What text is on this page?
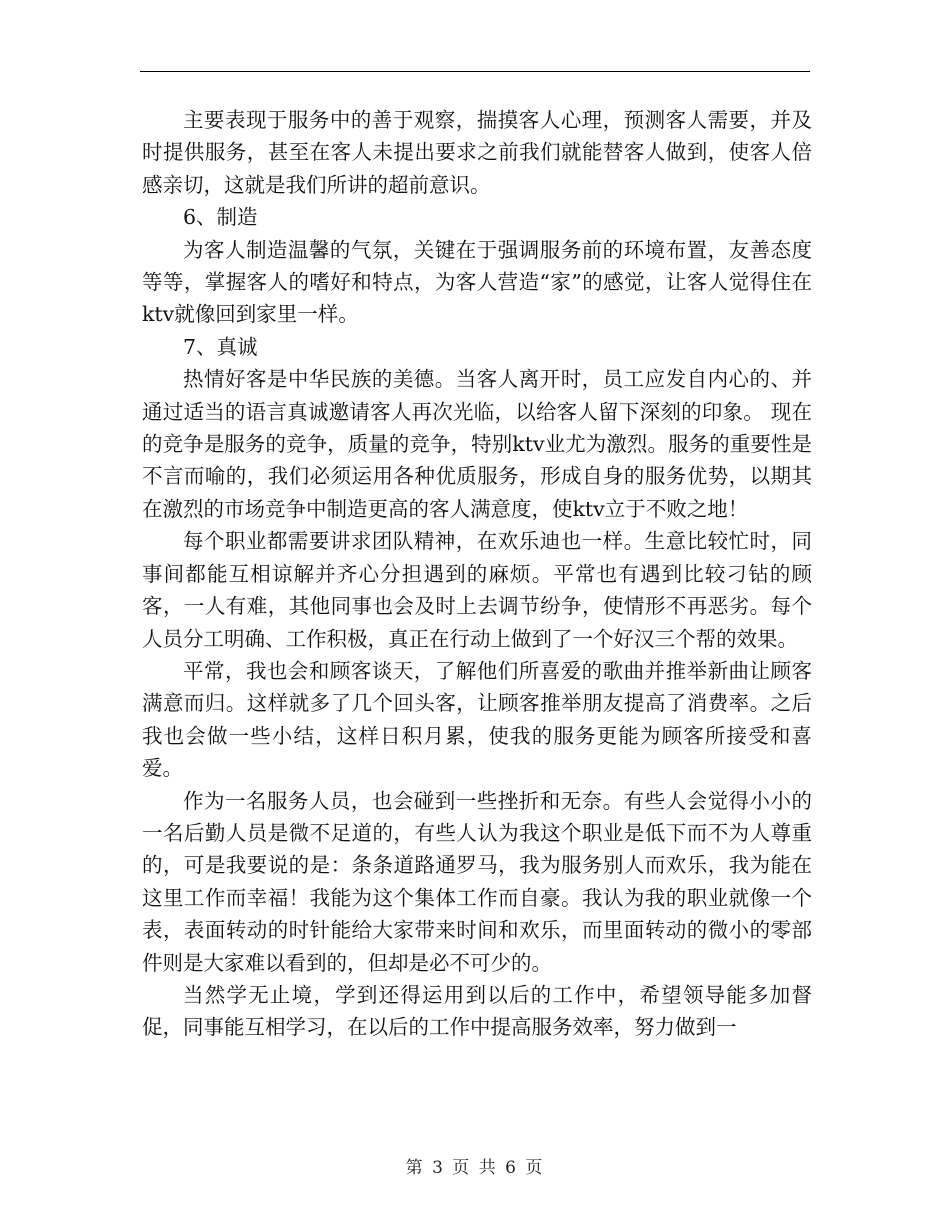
主要表现于服务中的善于观察，揣摸客人心理，预测客人需要，并及时提供服务，甚至在客人未提出要求之前我们就能替客人做到，使客人倍感亲切，这就是我们所讲的超前意识。

6、制造

为客人制造温馨的气氛，关键在于强调服务前的环境布置，友善态度等等，掌握客人的嗜好和特点，为客人营造“家”的感觉，让客人觉得住在ktv就像回到家里一样。

7、真诚

热情好客是中华民族的美德。当客人离开时，员工应发自内心的、并通过适当的语言真诚邀请客人再次光临，以给客人留下深刻的印象。 现在的竞争是服务的竞争，质量的竞争，特别ktv业尤为激烈。服务的重要性是不言而喻的，我们必须运用各种优质服务，形成自身的服务优势，以期其在激烈的市场竞争中制造更高的客人满意度，使ktv立于不败之地！

每个职业都需要讲求团队精神，在欢乐迪也一样。生意比较忙时，同事间都能互相谅解并齐心分担遇到的麻烦。平常也有遇到比较刁钻的顾客，一人有难，其他同事也会及时上去调节纷争，使情形不再恶劣。每个人员分工明确、工作积极，真正在行动上做到了一个好汉三个帮的效果。

平常，我也会和顾客谈天，了解他们所喜爱的歌曲并推举新曲让顾客满意而归。这样就多了几个回头客，让顾客推举朋友提高了消费率。之后我也会做一些小结，这样日积月累，使我的服务更能为顾客所接受和喜爱。

作为一名服务人员，也会碰到一些挫折和无奈。有些人会觉得小小的一名后勤人员是微不足道的，有些人认为我这个职业是低下而不为人尊重的，可是我要说的是：条条道路通罗马，我为服务别人而欢乐，我为能在这里工作而幸福！我能为这个集体工作而自豪。我认为我的职业就像一个表，表面转动的时针能给大家带来时间和欢乐，而里面转动的微小的零部件则是大家难以看到的，但却是必不可少的。

当然学无止境，学到还得运用到以后的工作中，希望领导能多加督促，同事能互相学习，在以后的工作中提高服务效率，努力做到一

第 3 页 共 6 页
